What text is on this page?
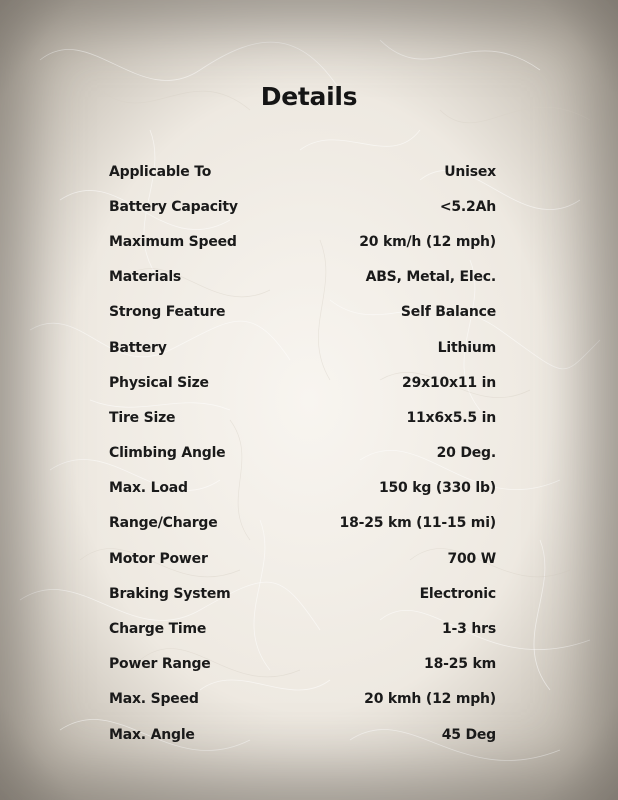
Details
Applicable To	Unisex
Battery Capacity	<5.2Ah
Maximum Speed	20 km/h (12 mph)
Materials	ABS, Metal, Elec.
Strong Feature	Self Balance
Battery	Lithium
Physical Size	29x10x11 in
Tire Size	11x6x5.5 in
Climbing Angle	20 Deg.
Max. Load	150 kg (330 lb)
Range/Charge	18-25 km (11-15 mi)
Motor Power	700 W
Braking System	Electronic
Charge Time	1-3 hrs
Power Range	18-25 km
Max. Speed	20 kmh (12 mph)
Max. Angle	45 Deg
